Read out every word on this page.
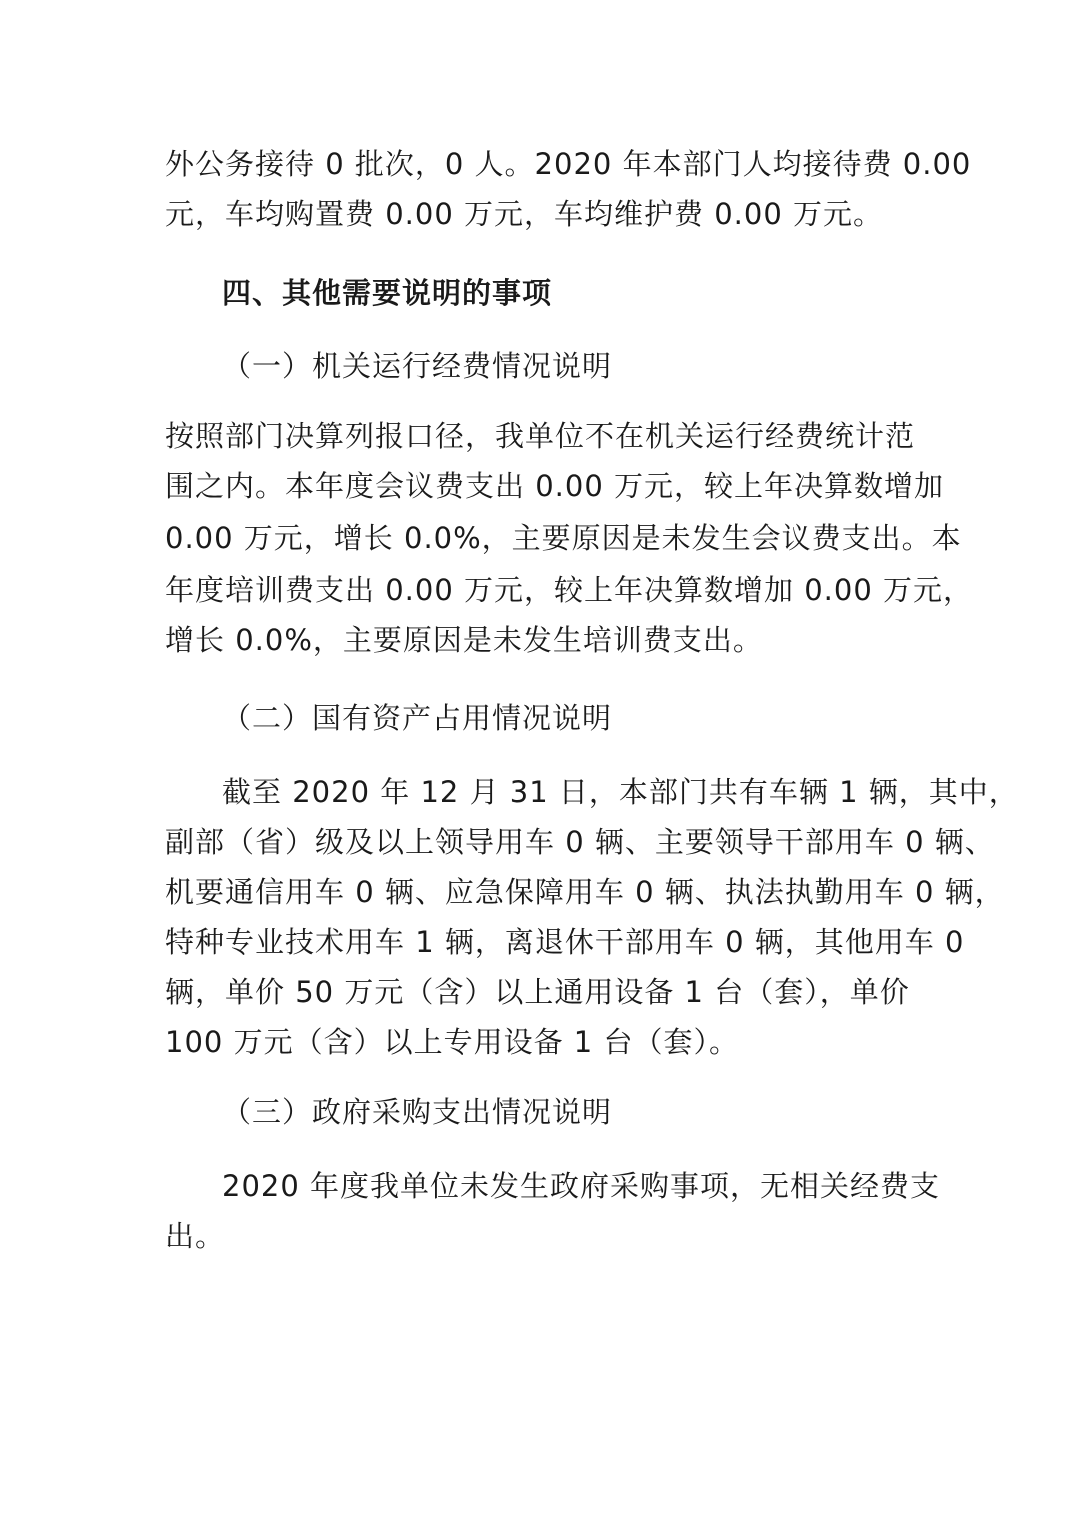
外公务接待 0 批次，0 人。2020 年本部门人均接待费 0.00
元，车均购置费 0.00 万元，车均维护费 0.00 万元。
四、其他需要说明的事项
（一）机关运行经费情况说明
按照部门决算列报口径，我单位不在机关运行经费统计范
围之内。本年度会议费支出 0.00 万元，较上年决算数增加
0.00 万元，增长 0.0%，主要原因是未发生会议费支出。本
年度培训费支出 0.00 万元，较上年决算数增加 0.00 万元，
增长 0.0%，主要原因是未发生培训费支出。
（二）国有资产占用情况说明
截至 2020 年 12 月 31 日，本部门共有车辆 1 辆，其中，
副部（省）级及以上领导用车 0 辆、主要领导干部用车 0 辆、
机要通信用车 0 辆、应急保障用车 0 辆、执法执勤用车 0 辆，
特种专业技术用车 1 辆，离退休干部用车 0 辆，其他用车 0
辆，单价 50 万元（含）以上通用设备 1 台（套），单价
100 万元（含）以上专用设备 1 台（套）。
（三）政府采购支出情况说明
2020 年度我单位未发生政府采购事项，无相关经费支
出。
